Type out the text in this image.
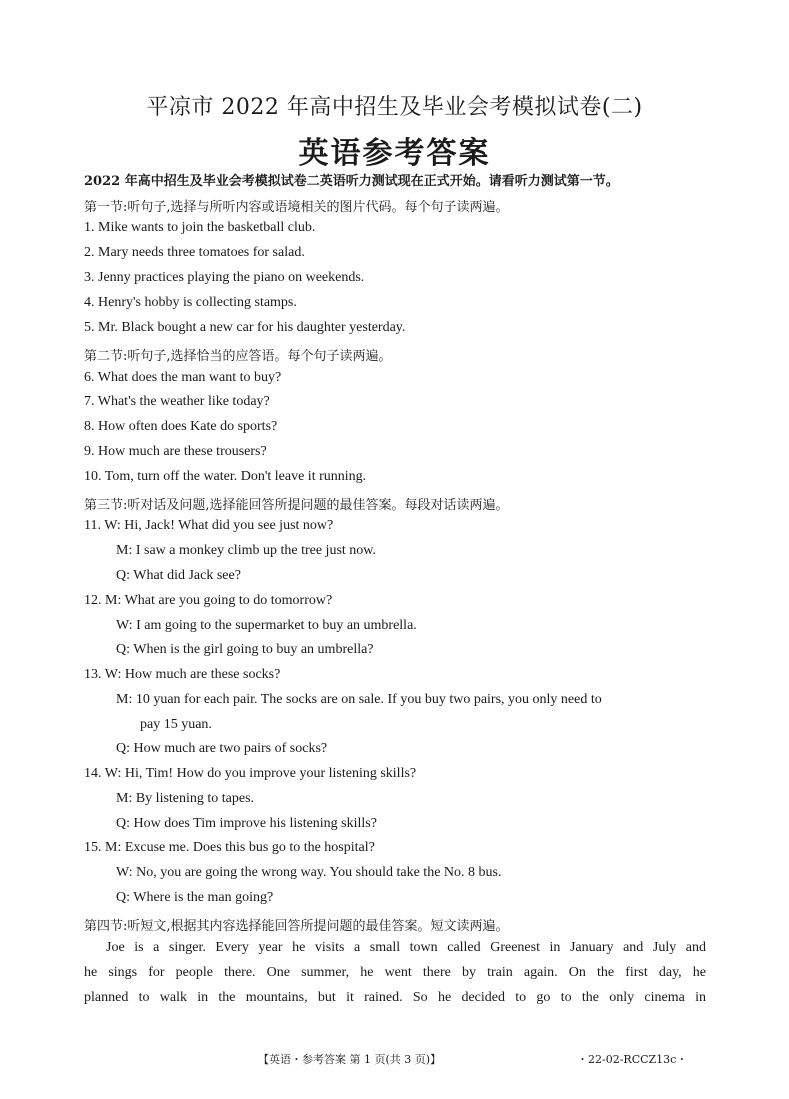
平凉市 2022 年高中招生及毕业会考模拟试卷(二)
英语参考答案
2022 年高中招生及毕业会考模拟试卷二英语听力测试现在正式开始。请看听力测试第一节。
第一节:听句子,选择与所听内容或语境相关的图片代码。每个句子读两遍。
1. Mike wants to join the basketball club.
2. Mary needs three tomatoes for salad.
3. Jenny practices playing the piano on weekends.
4. Henry's hobby is collecting stamps.
5. Mr. Black bought a new car for his daughter yesterday.
第二节:听句子,选择恰当的应答语。每个句子读两遍。
6. What does the man want to buy?
7. What's the weather like today?
8. How often does Kate do sports?
9. How much are these trousers?
10. Tom, turn off the water. Don't leave it running.
第三节:听对话及问题,选择能回答所提问题的最佳答案。每段对话读两遍。
11. W: Hi, Jack! What did you see just now?
M: I saw a monkey climb up the tree just now.
Q: What did Jack see?
12. M: What are you going to do tomorrow?
W: I am going to the supermarket to buy an umbrella.
Q: When is the girl going to buy an umbrella?
13. W: How much are these socks?
M: 10 yuan for each pair. The socks are on sale. If you buy two pairs, you only need to
pay 15 yuan.
Q: How much are two pairs of socks?
14. W: Hi, Tim! How do you improve your listening skills?
M: By listening to tapes.
Q: How does Tim improve his listening skills?
15. M: Excuse me. Does this bus go to the hospital?
W: No, you are going the wrong way. You should take the No. 8 bus.
Q: Where is the man going?
第四节:听短文,根据其内容选择能回答所提问题的最佳答案。短文读两遍。
Joe is a singer. Every year he visits a small town called Greenest in January and July and
he sings for people there. One summer, he went there by train again. On the first day, he
planned to walk in the mountains, but it rained. So he decided to go to the only cinema in
【英语・参考答案 第 1 页(共 3 页)】	・22-02-RCCZ13c・
